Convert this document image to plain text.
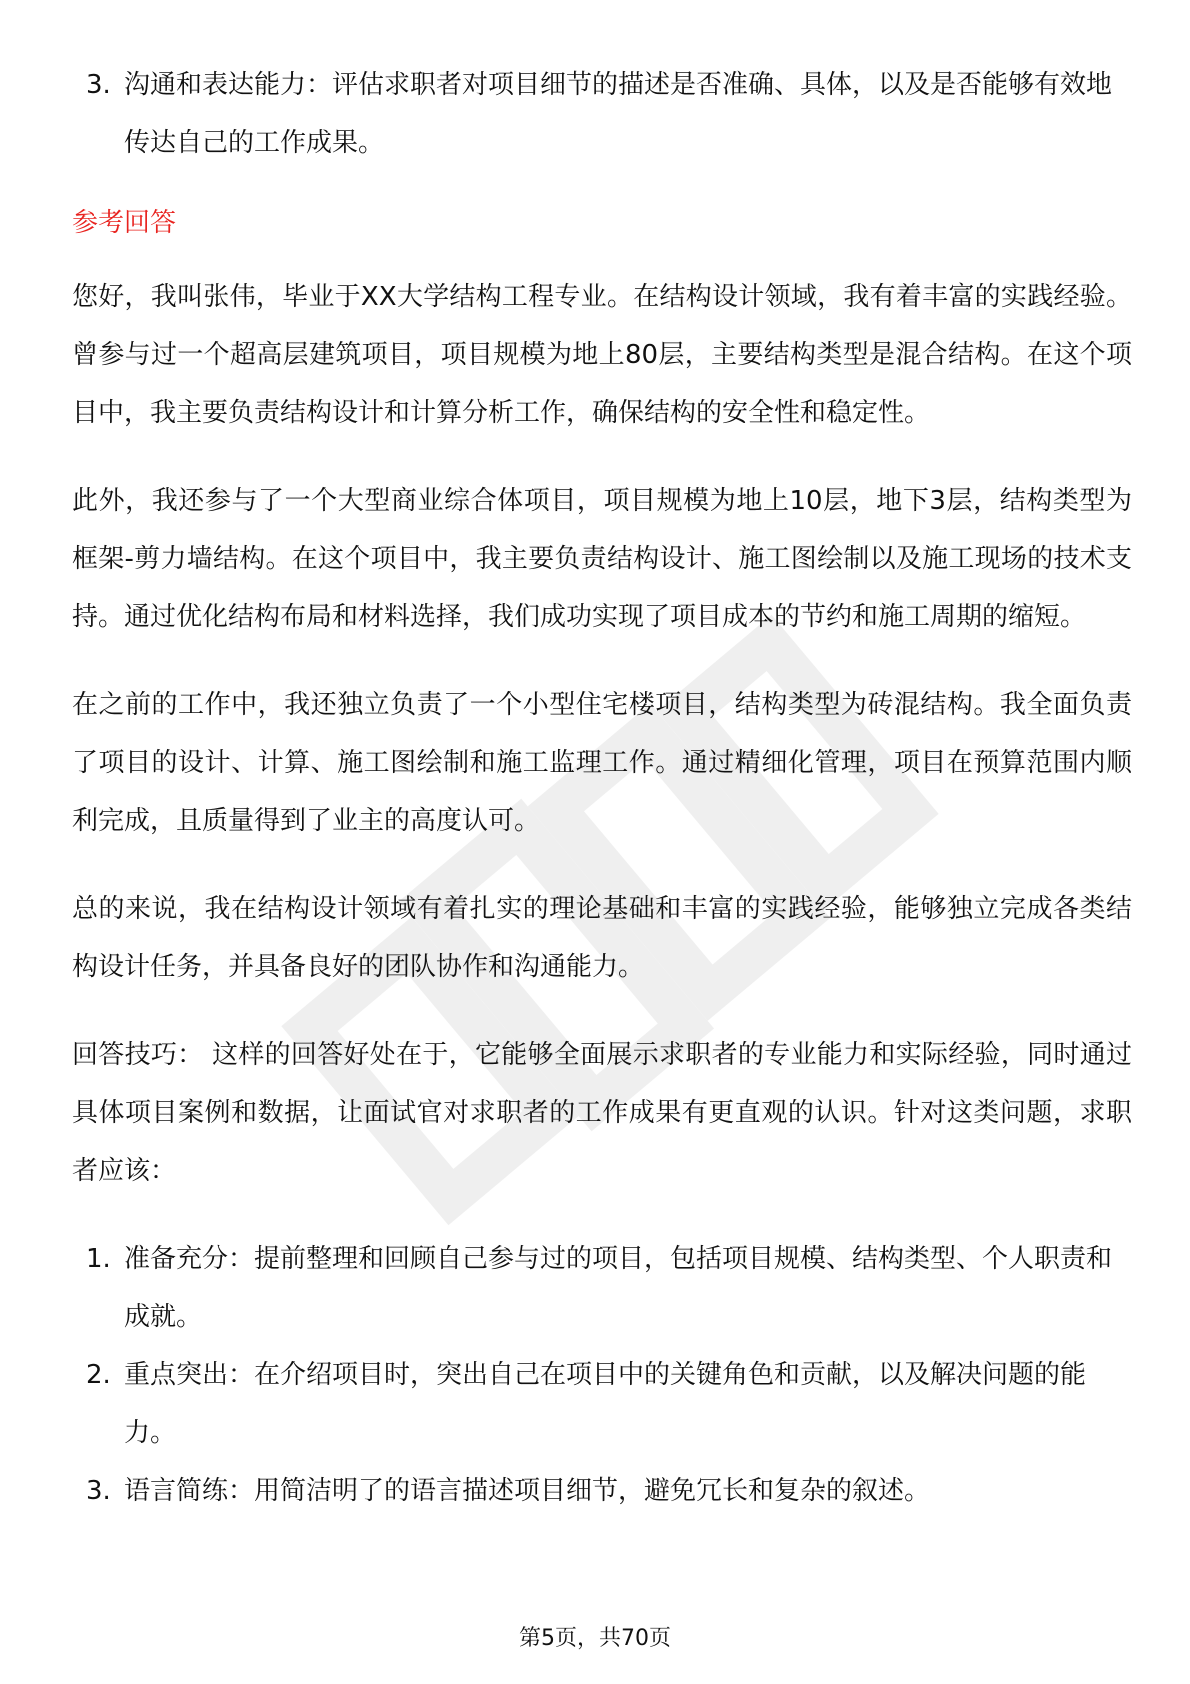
3. 沟通和表达能力：评估求职者对项目细节的描述是否准确、具体，以及是否能够有效地传达自己的工作成果。
参考回答

您好，我叫张伟，毕业于XX大学结构工程专业。在结构设计领域，我有着丰富的实践经验。曾参与过一个超高层建筑项目，项目规模为地上80层，主要结构类型是混合结构。在这个项目中，我主要负责结构设计和计算分析工作，确保结构的安全性和稳定性。

此外，我还参与了一个大型商业综合体项目，项目规模为地上10层，地下3层，结构类型为框架-剪力墙结构。在这个项目中，我主要负责结构设计、施工图绘制以及施工现场的技术支持。通过优化结构布局和材料选择，我们成功实现了项目成本的节约和施工周期的缩短。

在之前的工作中，我还独立负责了一个小型住宅楼项目，结构类型为砖混结构。我全面负责了项目的设计、计算、施工图绘制和施工监理工作。通过精细化管理，项目在预算范围内顺利完成，且质量得到了业主的高度认可。

总的来说，我在结构设计领域有着扎实的理论基础和丰富的实践经验，能够独立完成各类结构设计任务，并具备良好的团队协作和沟通能力。

回答技巧： 这样的回答好处在于，它能够全面展示求职者的专业能力和实际经验，同时通过具体项目案例和数据，让面试官对求职者的工作成果有更直观的认识。针对这类问题，求职者应该：

1. 准备充分：提前整理和回顾自己参与过的项目，包括项目规模、结构类型、个人职责和成就。
2. 重点突出：在介绍项目时，突出自己在项目中的关键角色和贡献，以及解决问题的能力。
3. 语言简练：用简洁明了的语言描述项目细节，避免冗长和复杂的叙述。
第5页，共70页
